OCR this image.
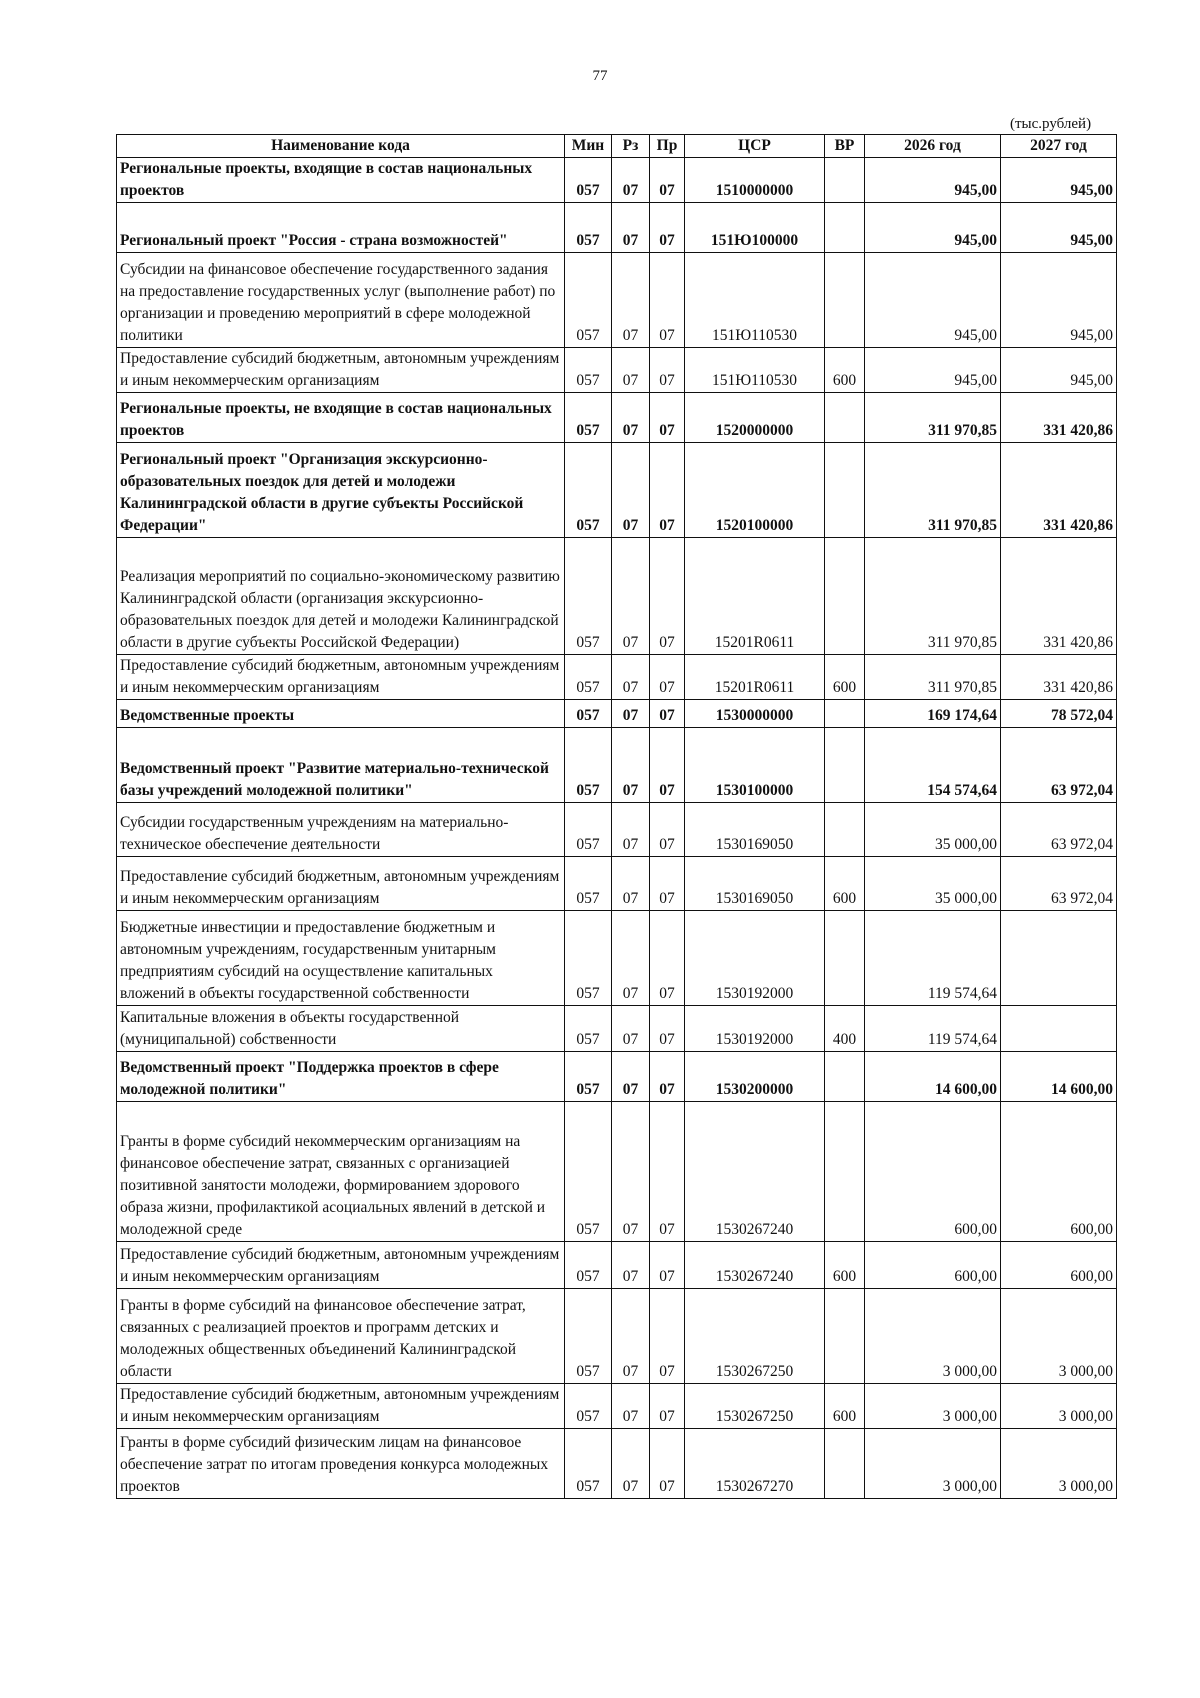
77
(тыс.рублей)
Наименование кода	Мин	Рз	Пр	ЦСР	ВР	2026 год	2027 год
Региональные проекты, входящие в состав национальных проектов	057	07	07	1510000000		945,00	945,00
Региональный проект "Россия - страна возможностей"	057	07	07	151Ю100000		945,00	945,00
Субсидии на финансовое обеспечение государственного задания на предоставление государственных услуг (выполнение работ) по организации и проведению мероприятий в сфере молодежной политики	057	07	07	151Ю110530		945,00	945,00
Предоставление субсидий бюджетным, автономным учреждениям и иным некоммерческим организациям	057	07	07	151Ю110530	600	945,00	945,00
Региональные проекты, не входящие в состав национальных проектов	057	07	07	1520000000		311 970,85	331 420,86
Региональный проект "Организация экскурсионно-образовательных поездок для детей и молодежи Калининградской области в другие субъекты Российской Федерации"	057	07	07	1520100000		311 970,85	331 420,86
Реализация мероприятий по социально-экономическому развитию Калининградской области (организация экскурсионно-образовательных поездок для детей и молодежи Калининградской области в другие субъекты Российской Федерации)	057	07	07	15201R0611		311 970,85	331 420,86
Предоставление субсидий бюджетным, автономным учреждениям и иным некоммерческим организациям	057	07	07	15201R0611	600	311 970,85	331 420,86
Ведомственные проекты	057	07	07	1530000000		169 174,64	78 572,04
Ведомственный проект "Развитие материально-технической базы учреждений молодежной политики"	057	07	07	1530100000		154 574,64	63 972,04
Субсидии государственным учреждениям на материально-техническое обеспечение деятельности	057	07	07	1530169050		35 000,00	63 972,04
Предоставление субсидий бюджетным, автономным учреждениям и иным некоммерческим организациям	057	07	07	1530169050	600	35 000,00	63 972,04
Бюджетные инвестиции и предоставление бюджетным и автономным учреждениям, государственным унитарным предприятиям субсидий на осуществление капитальных вложений в объекты государственной собственности	057	07	07	1530192000		119 574,64	
Капитальные вложения в объекты государственной (муниципальной) собственности	057	07	07	1530192000	400	119 574,64	
Ведомственный проект "Поддержка проектов в сфере молодежной политики"	057	07	07	1530200000		14 600,00	14 600,00
Гранты в форме субсидий некоммерческим организациям на финансовое обеспечение затрат, связанных с организацией позитивной занятости молодежи, формированием здорового образа жизни, профилактикой асоциальных явлений в детской и молодежной среде	057	07	07	1530267240		600,00	600,00
Предоставление субсидий бюджетным, автономным учреждениям и иным некоммерческим организациям	057	07	07	1530267240	600	600,00	600,00
Гранты в форме субсидий на финансовое обеспечение затрат, связанных с реализацией проектов и программ детских и молодежных общественных объединений Калининградской области	057	07	07	1530267250		3 000,00	3 000,00
Предоставление субсидий бюджетным, автономным учреждениям и иным некоммерческим организациям	057	07	07	1530267250	600	3 000,00	3 000,00
Гранты в форме субсидий физическим лицам на финансовое обеспечение затрат по итогам проведения конкурса молодежных проектов	057	07	07	1530267270		3 000,00	3 000,00
